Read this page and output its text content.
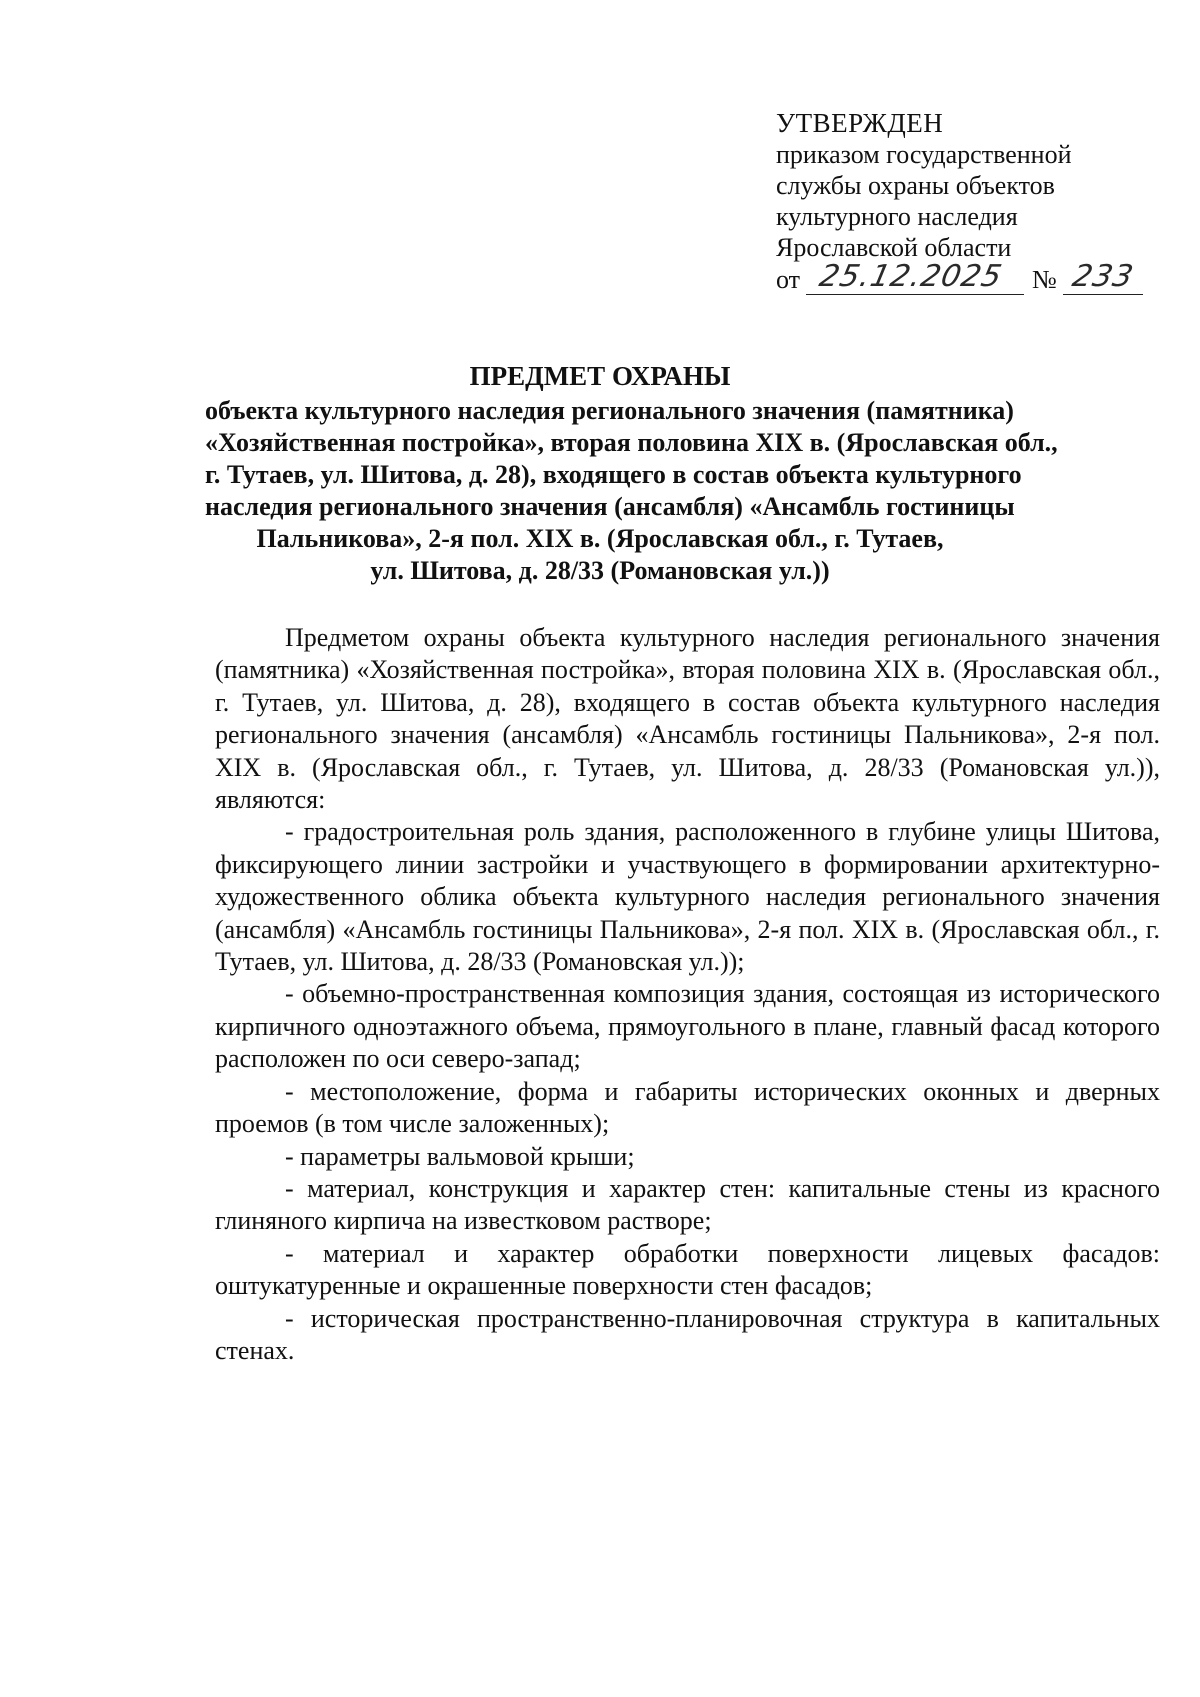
УТВЕРЖДЕН
приказом государственной
службы охраны объектов
культурного наследия
Ярославской области
от 25.12.2025 № 233
ПРЕДМЕТ ОХРАНЫ
объекта культурного наследия регионального значения (памятника)
«Хозяйственная постройка», вторая половина XIX в. (Ярославская обл.,
г. Тутаев, ул. Шитова, д. 28), входящего в состав объекта культурного
наследия регионального значения (ансамбля) «Ансамбль гостиницы
Пальникова», 2-я пол. XIX в. (Ярославская обл., г. Тутаев,
ул. Шитова, д. 28/33 (Романовская ул.))

Предметом охраны объекта культурного наследия регионального значения (памятника) «Хозяйственная постройка», вторая половина XIX в. (Ярославская обл., г. Тутаев, ул. Шитова, д. 28), входящего в состав объекта культурного наследия регионального значения (ансамбля) «Ансамбль гостиницы Пальникова», 2-я пол. XIX в. (Ярославская обл., г. Тутаев, ул. Шитова, д. 28/33 (Романовская ул.)), являются:

- градостроительная роль здания, расположенного в глубине улицы Шитова, фиксирующего линии застройки и участвующего в формировании архитектурно-художественного облика объекта культурного наследия регионального значения (ансамбля) «Ансамбль гостиницы Пальникова», 2-я пол. XIX в. (Ярославская обл., г. Тутаев, ул. Шитова, д. 28/33 (Романовская ул.));

- объемно-пространственная композиция здания, состоящая из исторического кирпичного одноэтажного объема, прямоугольного в плане, главный фасад которого расположен по оси северо-запад;

- местоположение, форма и габариты исторических оконных и дверных проемов (в том числе заложенных);

- параметры вальмовой крыши;

- материал, конструкция и характер стен: капитальные стены из красного глиняного кирпича на известковом растворе;

- материал и характер обработки поверхности лицевых фасадов: оштукатуренные и окрашенные поверхности стен фасадов;

- историческая пространственно-планировочная структура в капитальных стенах.
